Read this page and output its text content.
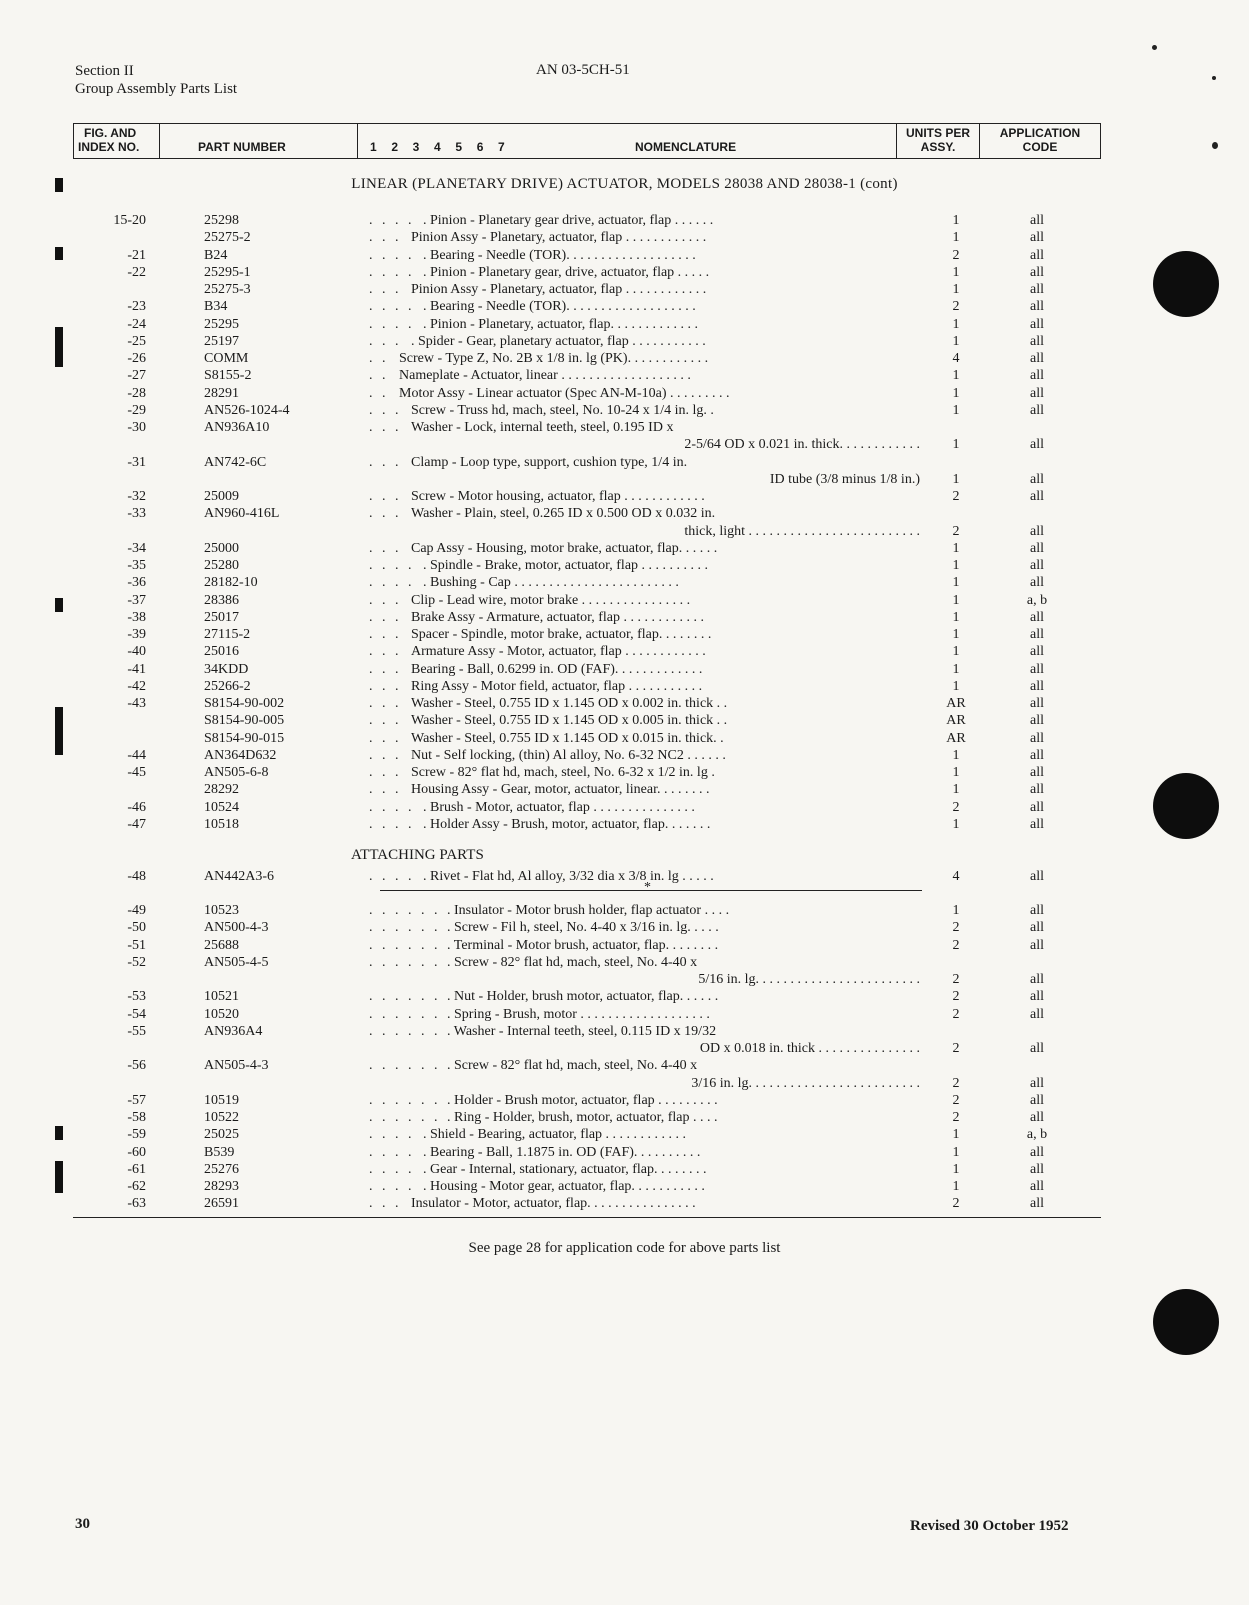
Section II
Group Assembly Parts List
AN 03-5CH-51
FIG. AND
INDEX NO.	PART NUMBER	1  2  3  4  5  6  7	NOMENCLATURE
UNITS PER
ASSY.
APPLICATION
CODE
LINEAR (PLANETARY DRIVE) ACTUATOR, MODELS 28038 AND 28038-1 (cont)
15-20	25298	. . . . . Pinion - Planetary gear drive, actuator, flap . . . . . .	1	all
25275-2	. . . Pinion Assy - Planetary, actuator, flap . . . . . . . . . . . .	1	all
-21	B24	. . . . . Bearing - Needle (TOR). . . . . . . . . . . . . . . . . . .	2	all
-22	25295-1	. . . . . Pinion - Planetary gear, drive, actuator, flap . . . . .	1	all
25275-3	. . . Pinion Assy - Planetary, actuator, flap . . . . . . . . . . . .	1	all
-23	B34	. . . . . Bearing - Needle (TOR). . . . . . . . . . . . . . . . . . .	2	all
-24	25295	. . . . . Pinion - Planetary, actuator, flap. . . . . . . . . . . . .	1	all
-25	25197	. . . . Spider - Gear, planetary actuator, flap . . . . . . . . . . .	1	all
-26	COMM	. . Screw - Type Z, No. 2B x 1/8 in. lg (PK). . . . . . . . . . . .	4	all
-27	S8155-2	. . Nameplate - Actuator, linear . . . . . . . . . . . . . . . . . . .	1	all
-28	28291	. . Motor Assy - Linear actuator (Spec AN-M-10a) . . . . . . . . .	1	all
-29	AN526-1024-4	. . . Screw - Truss hd, mach, steel, No. 10-24 x 1/4 in. lg. .	1	all
-30	AN936A10	. . . Washer - Lock, internal teeth, steel, 0.195 ID x
2-5/64 OD x 0.021 in. thick. . . . . . . . . . . .	1	all
-31	AN742-6C	. . . Clamp - Loop type, support, cushion type, 1/4 in.
ID tube (3/8 minus 1/8 in.)	1	all
-32	25009	. . . Screw - Motor housing, actuator, flap . . . . . . . . . . . .	2	all
-33	AN960-416L	. . . Washer - Plain, steel, 0.265 ID x 0.500 OD x 0.032 in.
thick, light . . . . . . . . . . . . . . . . . . . . . . . . .	2	all
-34	25000	. . . Cap Assy - Housing, motor brake, actuator, flap. . . . . .	1	all
-35	25280	. . . . . Spindle - Brake, motor, actuator, flap . . . . . . . . . .	1	all
-36	28182-10	. . . . . Bushing - Cap . . . . . . . . . . . . . . . . . . . . . . . .	1	all
-37	28386	. . . Clip - Lead wire, motor brake . . . . . . . . . . . . . . . .	1	a, b
-38	25017	. . . Brake Assy - Armature, actuator, flap . . . . . . . . . . . .	1	all
-39	27115-2	. . . Spacer - Spindle, motor brake, actuator, flap. . . . . . . .	1	all
-40	25016	. . . Armature Assy - Motor, actuator, flap . . . . . . . . . . . .	1	all
-41	34KDD	. . . Bearing - Ball, 0.6299 in. OD (FAF). . . . . . . . . . . . .	1	all
-42	25266-2	. . . Ring Assy - Motor field, actuator, flap . . . . . . . . . . .	1	all
-43	S8154-90-002	. . . Washer - Steel, 0.755 ID x 1.145 OD x 0.002 in. thick . .	AR	all
S8154-90-005	. . . Washer - Steel, 0.755 ID x 1.145 OD x 0.005 in. thick . .	AR	all
S8154-90-015	. . . Washer - Steel, 0.755 ID x 1.145 OD x 0.015 in. thick. .	AR	all
-44	AN364D632	. . . Nut - Self locking, (thin) Al alloy, No. 6-32 NC2 . . . . . .	1	all
-45	AN505-6-8	. . . Screw - 82° flat hd, mach, steel, No. 6-32 x 1/2 in. lg .	1	all
28292	. . . Housing Assy - Gear, motor, actuator, linear. . . . . . . .	1	all
-46	10524	. . . . . Brush - Motor, actuator, flap . . . . . . . . . . . . . . .	2	all
-47	10518	. . . . . Holder Assy - Brush, motor, actuator, flap. . . . . . .	1	all
-48	AN442A3-6	. . . . . Rivet - Flat hd, Al alloy, 3/32 dia x 3/8 in. lg . . . . .	4	all
-49	10523	. . . . . . . Insulator - Motor brush holder, flap actuator . . . .	1	all
-50	AN500-4-3	. . . . . . . Screw - Fil h, steel, No. 4-40 x 3/16 in. lg. . . . .	2	all
-51	25688	. . . . . . . Terminal - Motor brush, actuator, flap. . . . . . . .	2	all
-52	AN505-4-5	. . . . . . . Screw - 82° flat hd, mach, steel, No. 4-40 x
5/16 in. lg. . . . . . . . . . . . . . . . . . . . . . . .	2	all
-53	10521	. . . . . . . Nut - Holder, brush motor, actuator, flap. . . . . .	2	all
-54	10520	. . . . . . . Spring - Brush, motor . . . . . . . . . . . . . . . . . . .	2	all
-55	AN936A4	. . . . . . . Washer - Internal teeth, steel, 0.115 ID x 19/32
OD x 0.018 in. thick . . . . . . . . . . . . . . .	2	all
-56	AN505-4-3	. . . . . . . Screw - 82° flat hd, mach, steel, No. 4-40 x
3/16 in. lg. . . . . . . . . . . . . . . . . . . . . . . . .	2	all
-57	10519	. . . . . . . Holder - Brush motor, actuator, flap . . . . . . . . .	2	all
-58	10522	. . . . . . . Ring - Holder, brush, motor, actuator, flap . . . .	2	all
-59	25025	. . . . . Shield - Bearing, actuator, flap . . . . . . . . . . . .	1	a, b
-60	B539	. . . . . Bearing - Ball, 1.1875 in. OD (FAF). . . . . . . . . .	1	all
-61	25276	. . . . . Gear - Internal, stationary, actuator, flap. . . . . . . .	1	all
-62	28293	. . . . . Housing - Motor gear, actuator, flap. . . . . . . . . . .	1	all
-63	26591	. . . Insulator - Motor, actuator, flap. . . . . . . . . . . . . . . .	2	all
ATTACHING PARTS
*
See page 28 for application code for above parts list
30	Revised 30 October 1952
